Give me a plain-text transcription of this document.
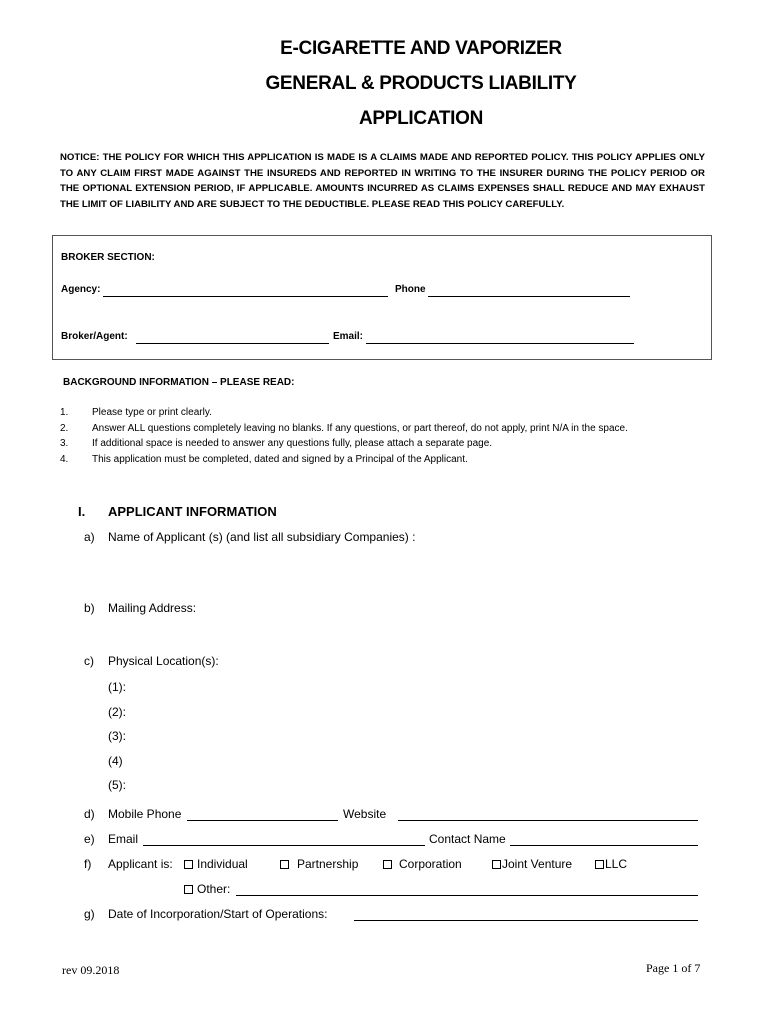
E-CIGARETTE AND VAPORIZER
GENERAL & PRODUCTS LIABILITY
APPLICATION
NOTICE: THE POLICY FOR WHICH THIS APPLICATION IS MADE IS A CLAIMS MADE AND REPORTED POLICY. THIS POLICY APPLIES ONLY TO ANY CLAIM FIRST MADE AGAINST THE INSUREDS AND REPORTED IN WRITING TO THE INSURER DURING THE POLICY PERIOD OR THE OPTIONAL EXTENSION PERIOD, IF APPLICABLE. AMOUNTS INCURRED AS CLAIMS EXPENSES SHALL REDUCE AND MAY EXHAUST THE LIMIT OF LIABILITY AND ARE SUBJECT TO THE DEDUCTIBLE. PLEASE READ THIS POLICY CAREFULLY.
BROKER SECTION:
Agency:	Phone
Broker/Agent:	Email:
BACKGROUND INFORMATION – PLEASE READ:
1.	Please type or print clearly.
2.	Answer ALL questions completely leaving no blanks. If any questions, or part thereof, do not apply, print N/A in the space.
3.	If additional space is needed to answer any questions fully, please attach a separate page.
4.	This application must be completed, dated and signed by a Principal of the Applicant.
I. APPLICANT INFORMATION
a) Name of Applicant (s) (and list all subsidiary Companies) :
b) Mailing Address:
c) Physical Location(s):
(1):
(2):
(3):
(4)
(5):
d) Mobile Phone	Website
e) Email	Contact Name
f) Applicant is:	Individual	Partnership	Corporation	Joint Venture	LLC
Other:
g) Date of Incorporation/Start of Operations:
rev 09.2018	Page 1 of 7
